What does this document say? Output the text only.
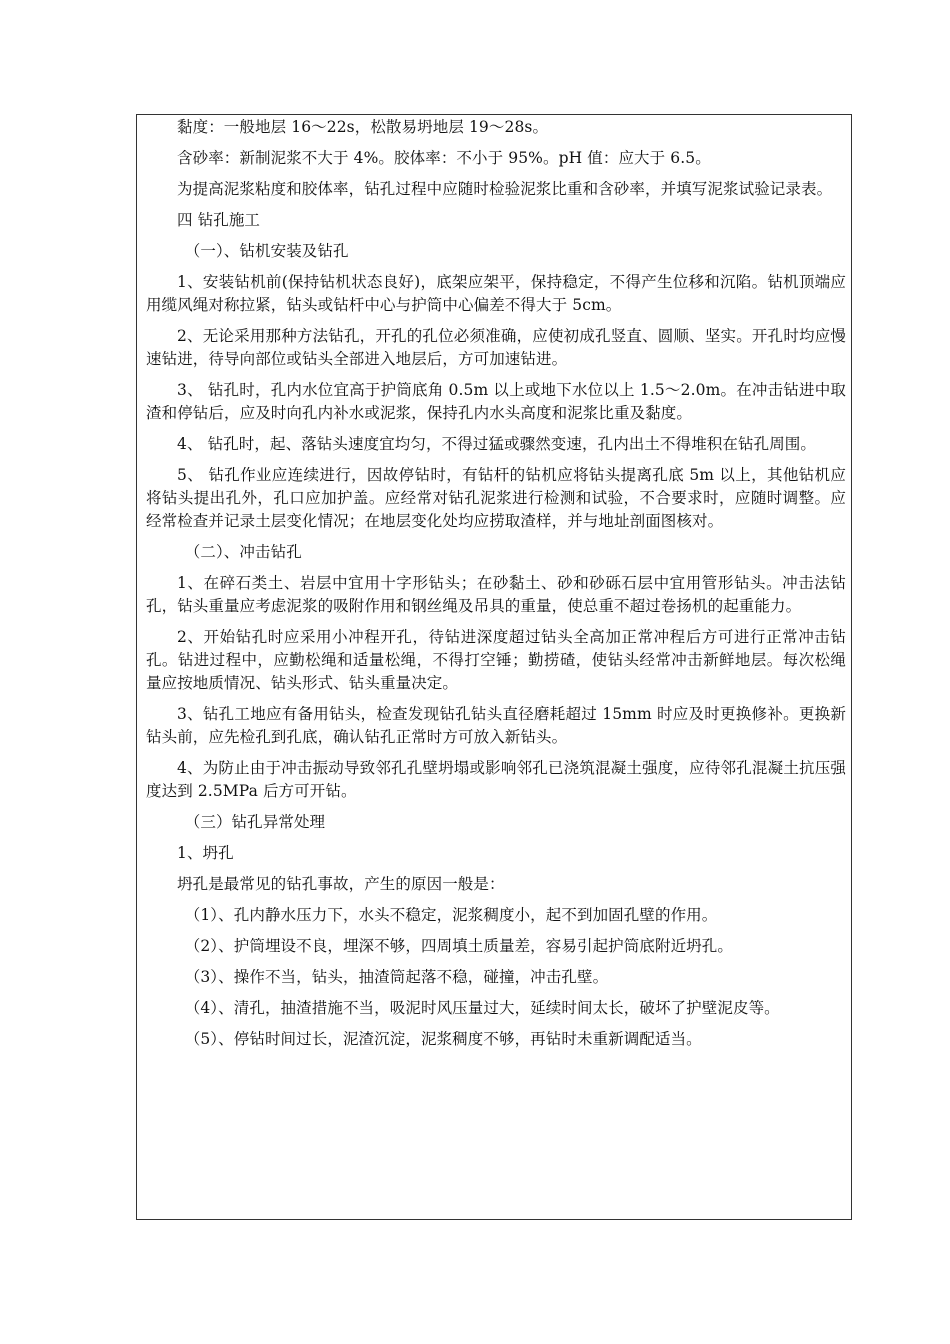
黏度：一般地层 16～22s，松散易坍地层 19～28s。

含砂率：新制泥浆不大于 4%。胶体率：不小于 95%。pH 值：应大于 6.5。

为提高泥浆粘度和胶体率，钻孔过程中应随时检验泥浆比重和含砂率，并填写泥浆试验记录表。

四 钻孔施工

（一）、钻机安装及钻孔

1、安装钻机前(保持钻机状态良好)，底架应架平，保持稳定，不得产生位移和沉陷。钻机顶端应用缆风绳对称拉紧，钻头或钻杆中心与护筒中心偏差不得大于 5cm。

2、无论采用那种方法钻孔，开孔的孔位必须准确，应使初成孔竖直、圆顺、坚实。开孔时均应慢速钻进，待导向部位或钻头全部进入地层后，方可加速钻进。

3、 钻孔时，孔内水位宜高于护筒底角 0.5m 以上或地下水位以上 1.5～2.0m。在冲击钻进中取渣和停钻后，应及时向孔内补水或泥浆，保持孔内水头高度和泥浆比重及黏度。

4、 钻孔时，起、落钻头速度宜均匀，不得过猛或骤然变速，孔内出土不得堆积在钻孔周围。

5、 钻孔作业应连续进行，因故停钻时，有钻杆的钻机应将钻头提离孔底 5m 以上，其他钻机应将钻头提出孔外，孔口应加护盖。应经常对钻孔泥浆进行检测和试验，不合要求时，应随时调整。应经常检查并记录土层变化情况；在地层变化处均应捞取渣样，并与地址剖面图核对。

（二）、冲击钻孔

1、在碎石类土、岩层中宜用十字形钻头；在砂黏土、砂和砂砾石层中宜用管形钻头。冲击法钻孔，钻头重量应考虑泥浆的吸附作用和钢丝绳及吊具的重量，使总重不超过卷扬机的起重能力。

2、开始钻孔时应采用小冲程开孔，待钻进深度超过钻头全高加正常冲程后方可进行正常冲击钻孔。钻进过程中，应勤松绳和适量松绳，不得打空锤；勤捞碴，使钻头经常冲击新鲜地层。每次松绳量应按地质情况、钻头形式、钻头重量决定。

3、钻孔工地应有备用钻头，检查发现钻孔钻头直径磨耗超过 15mm 时应及时更换修补。更换新钻头前，应先检孔到孔底，确认钻孔正常时方可放入新钻头。

4、为防止由于冲击振动导致邻孔孔壁坍塌或影响邻孔已浇筑混凝土强度，应待邻孔混凝土抗压强度达到 2.5MPa 后方可开钻。

（三）钻孔异常处理

1、坍孔

坍孔是最常见的钻孔事故，产生的原因一般是：

（1）、孔内静水压力下，水头不稳定，泥浆稠度小，起不到加固孔壁的作用。

（2）、护筒埋设不良，埋深不够，四周填土质量差，容易引起护筒底附近坍孔。

（3）、操作不当，钻头，抽渣筒起落不稳，碰撞，冲击孔壁。

（4）、清孔，抽渣措施不当，吸泥时风压量过大，延续时间太长，破坏了护壁泥皮等。

（5）、停钻时间过长，泥渣沉淀，泥浆稠度不够，再钻时未重新调配适当。
